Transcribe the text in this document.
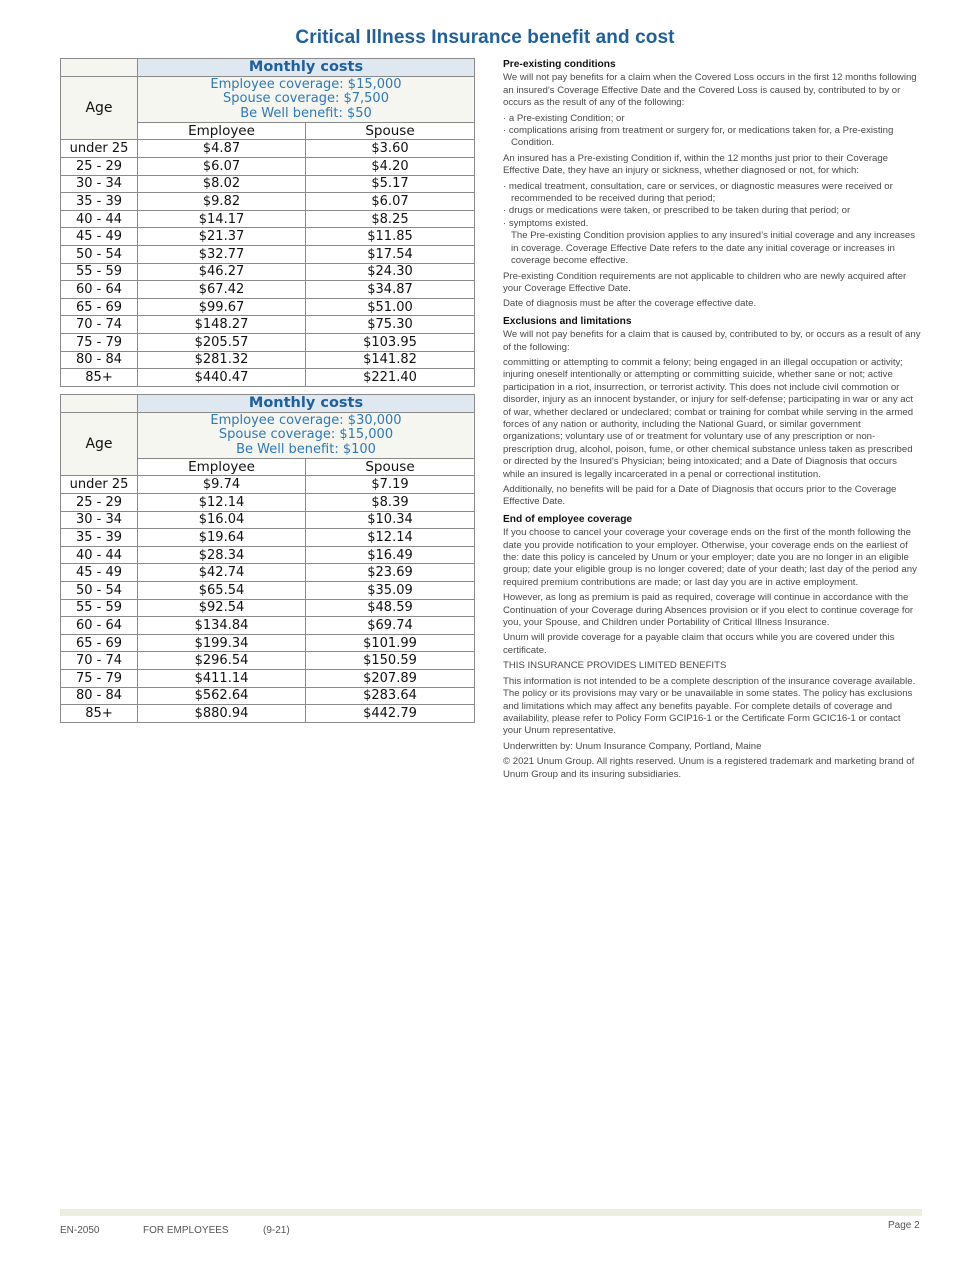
Critical Illness Insurance benefit and cost
	Monthly costs	
Age	Employee coverage: $15,000
Spouse coverage: $7,500
Be Well benefit: $50	

	Employee	Spouse
under 25	$4.87	$3.60
25 - 29	$6.07	$4.20
30 - 34	$8.02	$5.17
35 - 39	$9.82	$6.07
40 - 44	$14.17	$8.25
45 - 49	$21.37	$11.85
50 - 54	$32.77	$17.54
55 - 59	$46.27	$24.30
60 - 64	$67.42	$34.87
65 - 69	$99.67	$51.00
70 - 74	$148.27	$75.30
75 - 79	$205.57	$103.95
80 - 84	$281.32	$141.82
85+	$440.47	$221.40
	Monthly costs	
Age	Employee coverage: $30,000
Spouse coverage: $15,000
Be Well benefit: $100	

	Employee	Spouse
under 25	$9.74	$7.19
25 - 29	$12.14	$8.39
30 - 34	$16.04	$10.34
35 - 39	$19.64	$12.14
40 - 44	$28.34	$16.49
45 - 49	$42.74	$23.69
50 - 54	$65.54	$35.09
55 - 59	$92.54	$48.59
60 - 64	$134.84	$69.74
65 - 69	$199.34	$101.99
70 - 74	$296.54	$150.59
75 - 79	$411.14	$207.89
80 - 84	$562.64	$283.64
85+	$880.94	$442.79
Pre-existing conditions

We will not pay benefits for a claim when the Covered Loss occurs in the first 12 months following an insured’s Coverage Effective Date and the Covered Loss is caused by, contributed to by or occurs as the result of any of the following:

· a Pre-existing Condition; or
· complications arising from treatment or surgery for, or medications taken for, a Pre-existing Condition.

An insured has a Pre-existing Condition if, within the 12 months just prior to their Coverage Effective Date, they have an injury or sickness, whether diagnosed or not, for which:

· medical treatment, consultation, care or services, or diagnostic measures were received or recommended to be received during that period;
· drugs or medications were taken, or prescribed to be taken during that period; or
· symptoms existed.
The Pre-existing Condition provision applies to any insured’s initial coverage and any increases in coverage. Coverage Effective Date refers to the date any initial coverage or increases in coverage become effective.

Pre-existing Condition requirements are not applicable to children who are newly acquired after your Coverage Effective Date.

Date of diagnosis must be after the coverage effective date.

Exclusions and limitations

We will not pay benefits for a claim that is caused by, contributed to by, or occurs as a result of any of the following:

committing or attempting to commit a felony; being engaged in an illegal occupation or activity; injuring oneself intentionally or attempting or committing suicide, whether sane or not; active participation in a riot, insurrection, or terrorist activity. This does not include civil commotion or disorder, injury as an innocent bystander, or injury for self-defense; participating in war or any act of war, whether declared or undeclared; combat or training for combat while serving in the armed forces of any nation or authority, including the National Guard, or similar government organizations; voluntary use of or treatment for voluntary use of any prescription or non-prescription drug, alcohol, poison, fume, or other chemical substance unless taken as prescribed or directed by the Insured’s Physician; being intoxicated; and a Date of Diagnosis that occurs while an insured is legally incarcerated in a penal or correctional institution.

Additionally, no benefits will be paid for a Date of Diagnosis that occurs prior to the Coverage Effective Date.

End of employee coverage

If you choose to cancel your coverage your coverage ends on the first of the month following the date you provide notification to your employer. Otherwise, your coverage ends on the earliest of the: date this policy is canceled by Unum or your employer; date you are no longer in an eligible group; date your eligible group is no longer covered; date of your death; last day of the period any required premium contributions are made; or last day you are in active employment.

However, as long as premium is paid as required, coverage will continue in accordance with the Continuation of your Coverage during Absences provision or if you elect to continue coverage for you, your Spouse, and Children under Portability of Critical Illness Insurance.

Unum will provide coverage for a payable claim that occurs while you are covered under this certificate.

THIS INSURANCE PROVIDES LIMITED BENEFITS

This information is not intended to be a complete description of the insurance coverage available. The policy or its provisions may vary or be unavailable in some states. The policy has exclusions and limitations which may affect any benefits payable. For complete details of coverage and availability, please refer to Policy Form GCIP16-1 or the Certificate Form GCIC16-1 or contact your Unum representative.

Underwritten by: Unum Insurance Company, Portland, Maine

© 2021 Unum Group. All rights reserved. Unum is a registered trademark and marketing brand of Unum Group and its insuring subsidiaries.

EN-2050	FOR EMPLOYEES	(9-21)	Page 2
